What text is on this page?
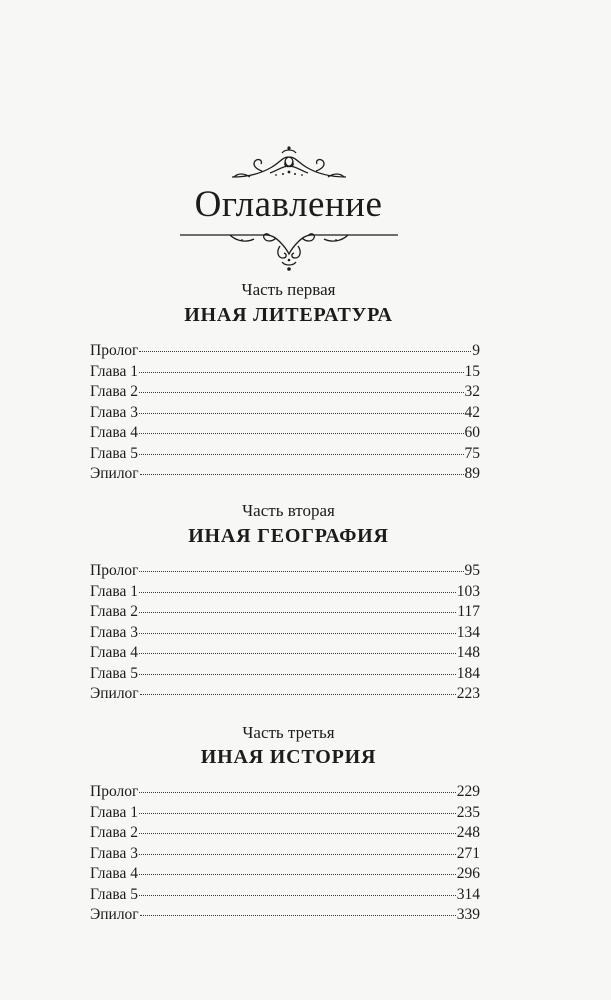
Оглавление
Часть первая
ИНАЯ ЛИТЕРАТУРА
Пролог	9
Глава 1	15
Глава 2	32
Глава 3	42
Глава 4	60
Глава 5	75
Эпилог	89
Часть вторая
ИНАЯ ГЕОГРАФИЯ
Пролог	95
Глава 1	103
Глава 2	117
Глава 3	134
Глава 4	148
Глава 5	184
Эпилог	223
Часть третья
ИНАЯ ИСТОРИЯ
Пролог	229
Глава 1	235
Глава 2	248
Глава 3	271
Глава 4	296
Глава 5	314
Эпилог	339
